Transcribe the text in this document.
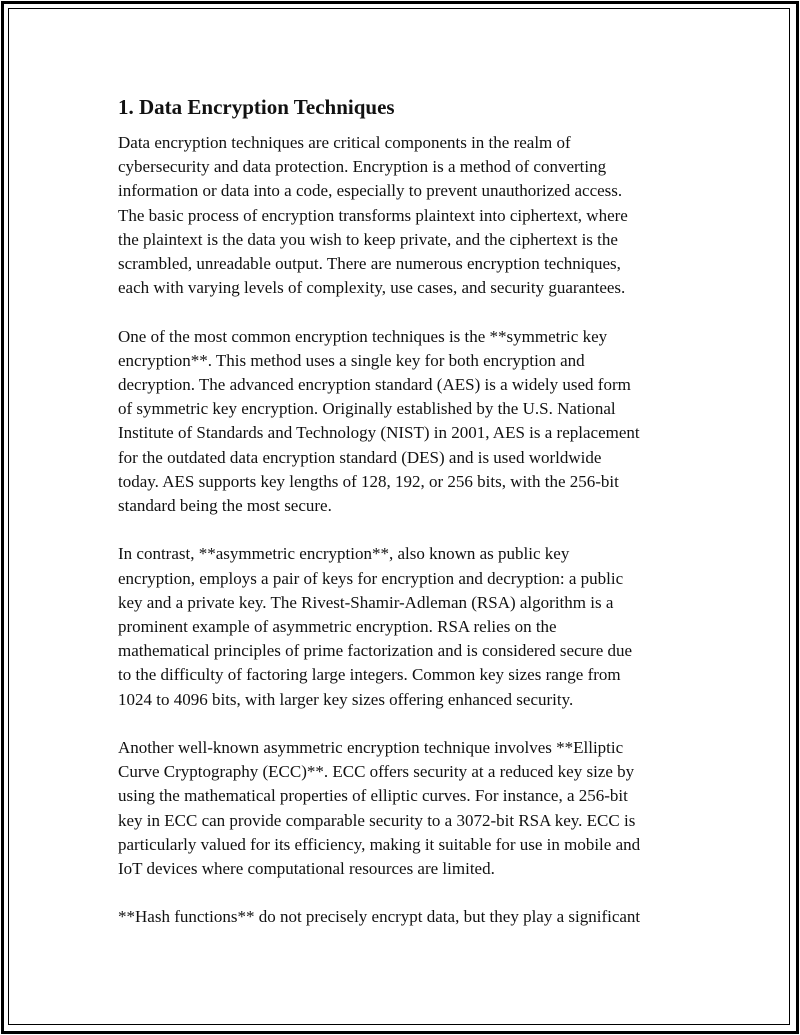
1. Data Encryption Techniques

Data encryption techniques are critical components in the realm of
cybersecurity and data protection. Encryption is a method of converting
information or data into a code, especially to prevent unauthorized access.
The basic process of encryption transforms plaintext into ciphertext, where
the plaintext is the data you wish to keep private, and the ciphertext is the
scrambled, unreadable output. There are numerous encryption techniques,
each with varying levels of complexity, use cases, and security guarantees.

One of the most common encryption techniques is the **symmetric key
encryption**. This method uses a single key for both encryption and
decryption. The advanced encryption standard (AES) is a widely used form
of symmetric key encryption. Originally established by the U.S. National
Institute of Standards and Technology (NIST) in 2001, AES is a replacement
for the outdated data encryption standard (DES) and is used worldwide
today. AES supports key lengths of 128, 192, or 256 bits, with the 256-bit
standard being the most secure.

In contrast, **asymmetric encryption**, also known as public key
encryption, employs a pair of keys for encryption and decryption: a public
key and a private key. The Rivest-Shamir-Adleman (RSA) algorithm is a
prominent example of asymmetric encryption. RSA relies on the
mathematical principles of prime factorization and is considered secure due
to the difficulty of factoring large integers. Common key sizes range from
1024 to 4096 bits, with larger key sizes offering enhanced security.

Another well-known asymmetric encryption technique involves **Elliptic
Curve Cryptography (ECC)**. ECC offers security at a reduced key size by
using the mathematical properties of elliptic curves. For instance, a 256-bit
key in ECC can provide comparable security to a 3072-bit RSA key. ECC is
particularly valued for its efficiency, making it suitable for use in mobile and
IoT devices where computational resources are limited.

**Hash functions** do not precisely encrypt data, but they play a significant
